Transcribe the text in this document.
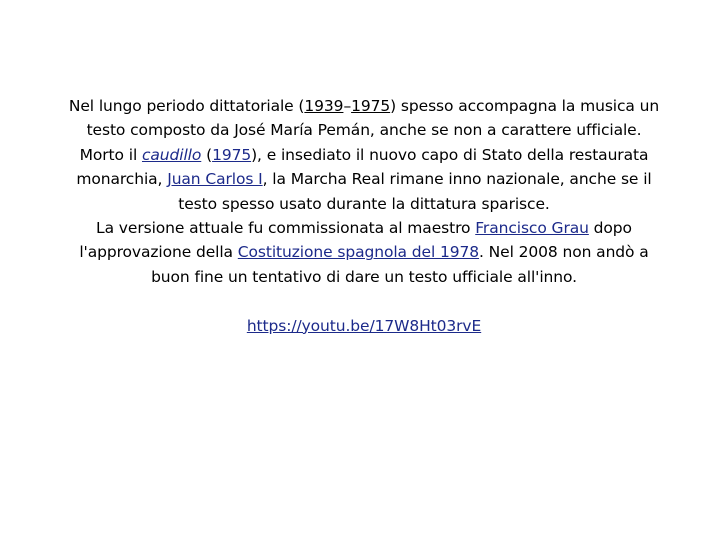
Nel lungo periodo dittatoriale (1939–1975) spesso accompagna la musica un
testo composto da José María Pemán, anche se non a carattere ufficiale.
Morto il caudillo (1975), e insediato il nuovo capo di Stato della restaurata
monarchia, Juan Carlos I, la Marcha Real rimane inno nazionale, anche se il
testo spesso usato durante la dittatura sparisce.
La versione attuale fu commissionata al maestro Francisco Grau dopo
l'approvazione della Costituzione spagnola del 1978. Nel 2008 non andò a
buon fine un tentativo di dare un testo ufficiale all'inno.
https://youtu.be/17W8Ht03rvE
